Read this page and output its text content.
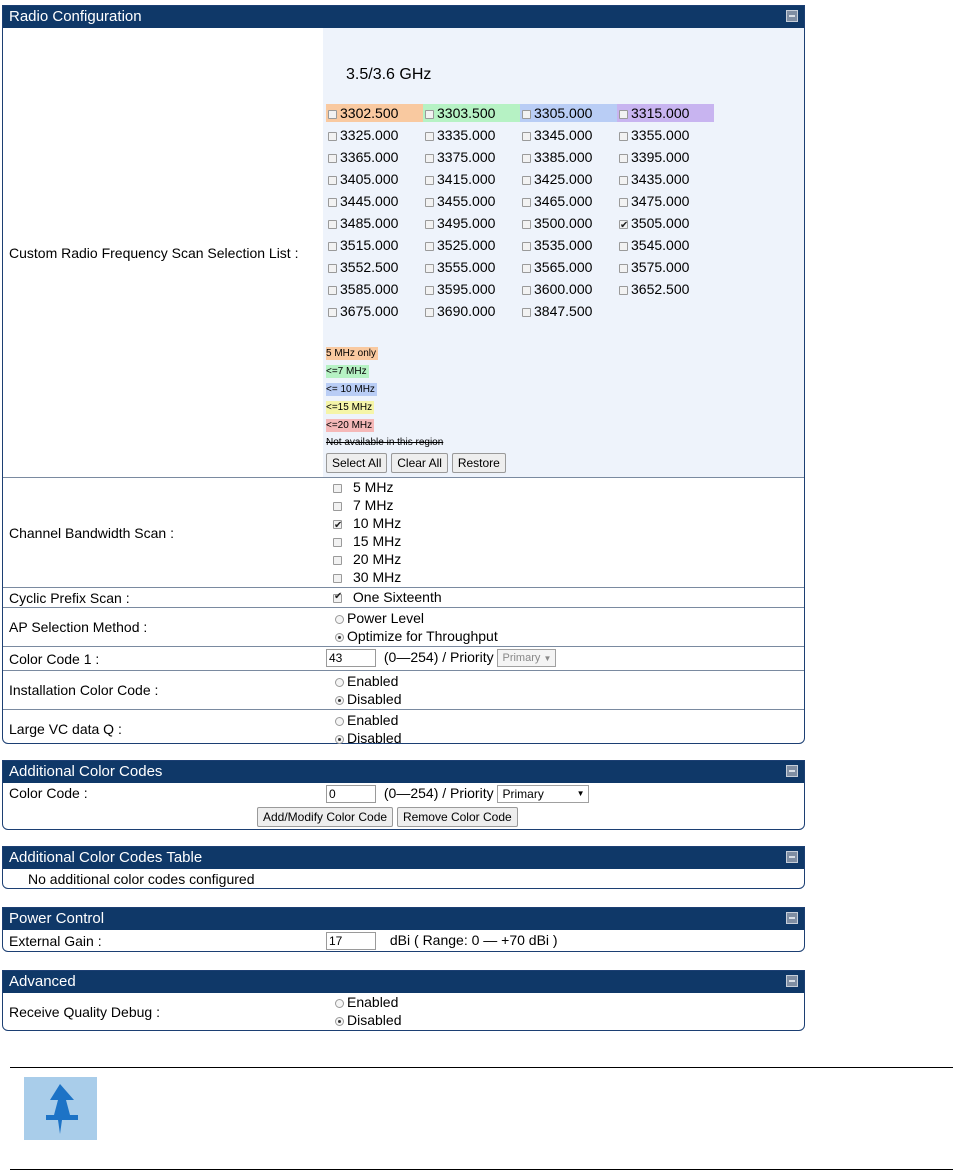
Radio Configuration
Custom Radio Frequency Scan Selection List :
3.5/3.6 GHz
3302.500	3303.500	3305.000	3315.000
3325.000	3335.000	3345.000	3355.000
3365.000	3375.000	3385.000	3395.000
3405.000	3415.000	3425.000	3435.000
3445.000	3455.000	3465.000	3475.000
3485.000	3495.000	3500.000 ✔	3505.000
3515.000	3525.000	3535.000	3545.000
3552.500	3555.000	3565.000	3575.000
3585.000	3595.000	3600.000	3652.500
3675.000	3690.000	3847.500
5 MHz only
<=7 MHz
<= 10 MHz
<=15 MHz
<=20 MHz
Not available in this region
Select All Clear All Restore
Channel Bandwidth Scan :
5 MHz
7 MHz
✔10 MHz
15 MHz
20 MHz
30 MHz
Cyclic Prefix Scan : ✔	One Sixteenth
AP Selection Method :
Power Level
Optimize for Throughput
Color Code 1 :	43	(0—254) / Priority Primary ▼
Installation Color Code :
Enabled
Disabled
Large VC data Q :
Enabled
Disabled
Additional Color Codes
Color Code :	0	(0—254) / Priority Primary	▼
Add/Modify Color Code Remove Color Code
Additional Color Codes Table
No additional color codes configured
Power Control
External Gain :	17	dBi ( Range: 0 — +70 dBi )
Advanced
Receive Quality Debug :
Enabled
Disabled
